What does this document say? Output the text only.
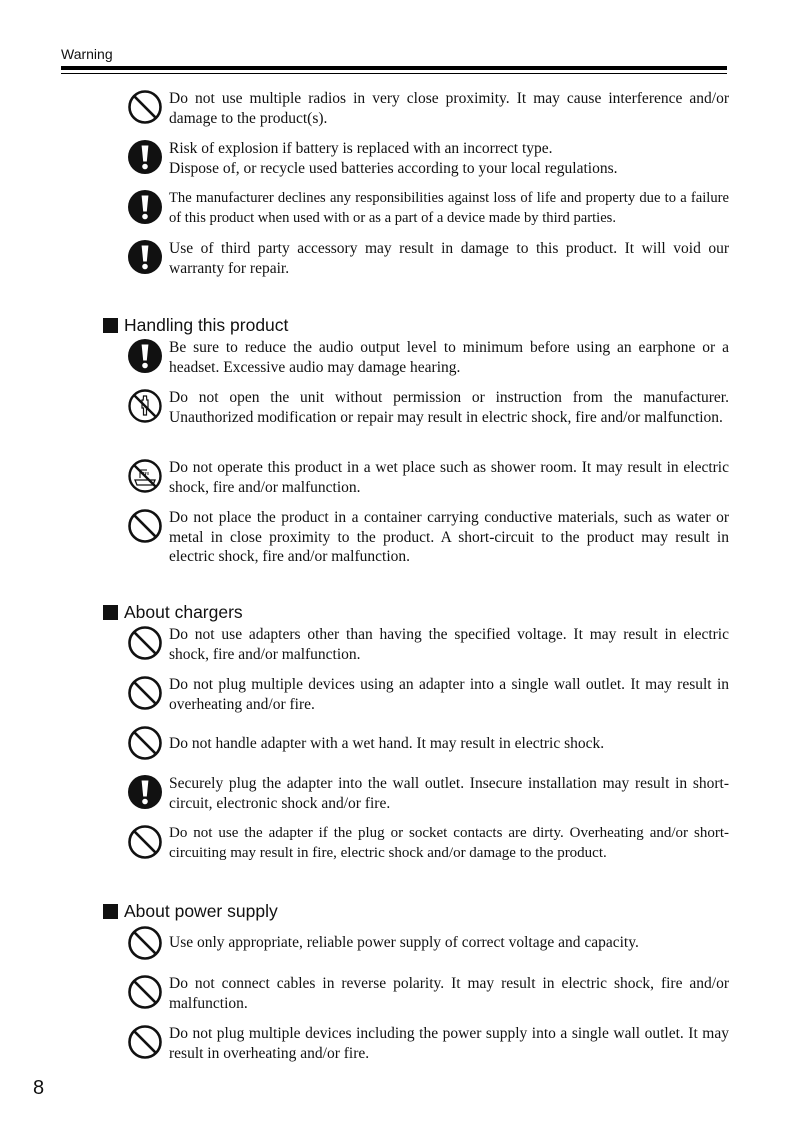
Warning
Do not use multiple radios in very close proximity. It may cause interference and/or damage to the product(s).
Risk of explosion if battery is replaced with an incorrect type.
Dispose of, or recycle used batteries according to your local regulations.
The manufacturer declines any responsibilities against loss of life and property due to a failure of this product when used with or as a part of a device made by third parties.
Use of third party accessory may result in damage to this product. It will void our warranty for repair.
Handling this product
Be sure to reduce the audio output level to minimum before using an earphone or a headset. Excessive audio may damage hearing.
Do not open the unit without permission or instruction from the manufacturer. Unauthorized modification or repair may result in electric shock, fire and/or malfunction.
Do not operate this product in a wet place such as shower room. It may result in electric shock, fire and/or malfunction.
Do not place the product in a container carrying conductive materials, such as water or metal in close proximity to the product. A short-circuit to the product may result in electric shock, fire and/or malfunction.
About chargers
Do not use adapters other than having the specified voltage. It may result in electric shock, fire and/or malfunction.
Do not plug multiple devices using an adapter into a single wall outlet. It may result in overheating and/or fire.
Do not handle adapter with a wet hand. It may result in electric shock.
Securely plug the adapter into the wall outlet. Insecure installation may result in short-circuit, electronic shock and/or fire.
Do not use the adapter if the plug or socket contacts are dirty. Overheating and/or short-circuiting may result in fire, electric shock and/or damage to the product.
About power supply
Use only appropriate, reliable power supply of correct voltage and capacity.
Do not connect cables in reverse polarity. It may result in electric shock, fire and/or malfunction.
Do not plug multiple devices including the power supply into a single wall outlet. It may result in overheating and/or fire.
8
